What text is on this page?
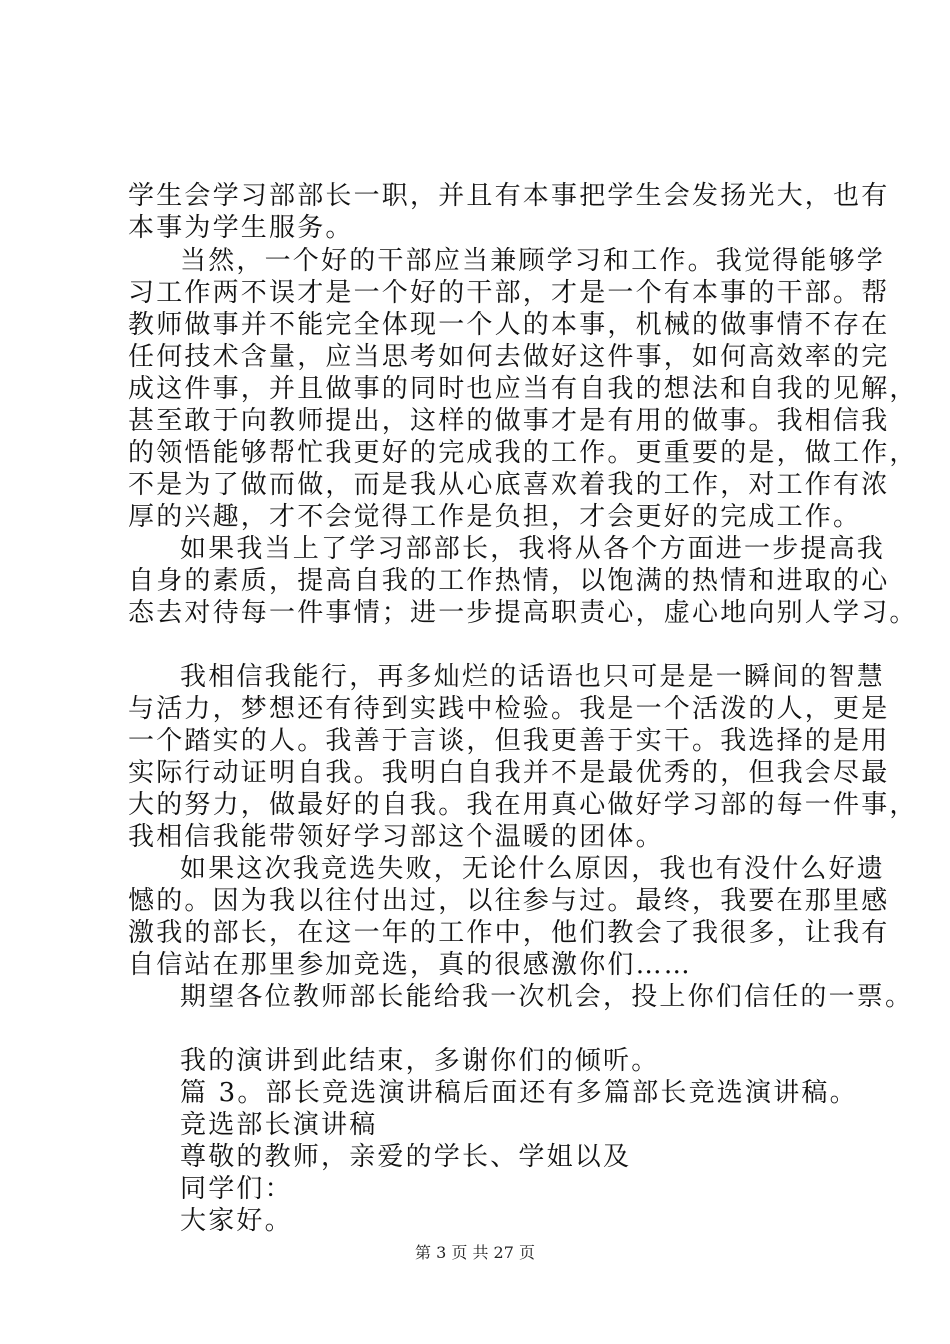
学生会学习部部长一职，并且有本事把学生会发扬光大，也有
本事为学生服务。
当然，一个好的干部应当兼顾学习和工作。我觉得能够学
习工作两不误才是一个好的干部，才是一个有本事的干部。帮
教师做事并不能完全体现一个人的本事，机械的做事情不存在
任何技术含量，应当思考如何去做好这件事，如何高效率的完
成这件事，并且做事的同时也应当有自我的想法和自我的见解，
甚至敢于向教师提出，这样的做事才是有用的做事。我相信我
的领悟能够帮忙我更好的完成我的工作。更重要的是，做工作，
不是为了做而做，而是我从心底喜欢着我的工作，对工作有浓
厚的兴趣，才不会觉得工作是负担，才会更好的完成工作。
如果我当上了学习部部长，我将从各个方面进一步提高我
自身的素质，提高自我的工作热情，以饱满的热情和进取的心
态去对待每一件事情；进一步提高职责心，虚心地向别人学习。
我相信我能行，再多灿烂的话语也只可是是一瞬间的智慧
与活力，梦想还有待到实践中检验。我是一个活泼的人，更是
一个踏实的人。我善于言谈，但我更善于实干。我选择的是用
实际行动证明自我。我明白自我并不是最优秀的，但我会尽最
大的努力，做最好的自我。我在用真心做好学习部的每一件事，
我相信我能带领好学习部这个温暖的团体。
如果这次我竞选失败，无论什么原因，我也有没什么好遗
憾的。因为我以往付出过，以往参与过。最终，我要在那里感
激我的部长，在这一年的工作中，他们教会了我很多，让我有
自信站在那里参加竞选，真的很感激你们……
期望各位教师部长能给我一次机会，投上你们信任的一票。
我的演讲到此结束，多谢你们的倾听。
篇 3。部长竞选演讲稿后面还有多篇部长竞选演讲稿。
竞选部长演讲稿
尊敬的教师，亲爱的学长、学姐以及
同学们：
大家好。
第 3 页 共 27 页
